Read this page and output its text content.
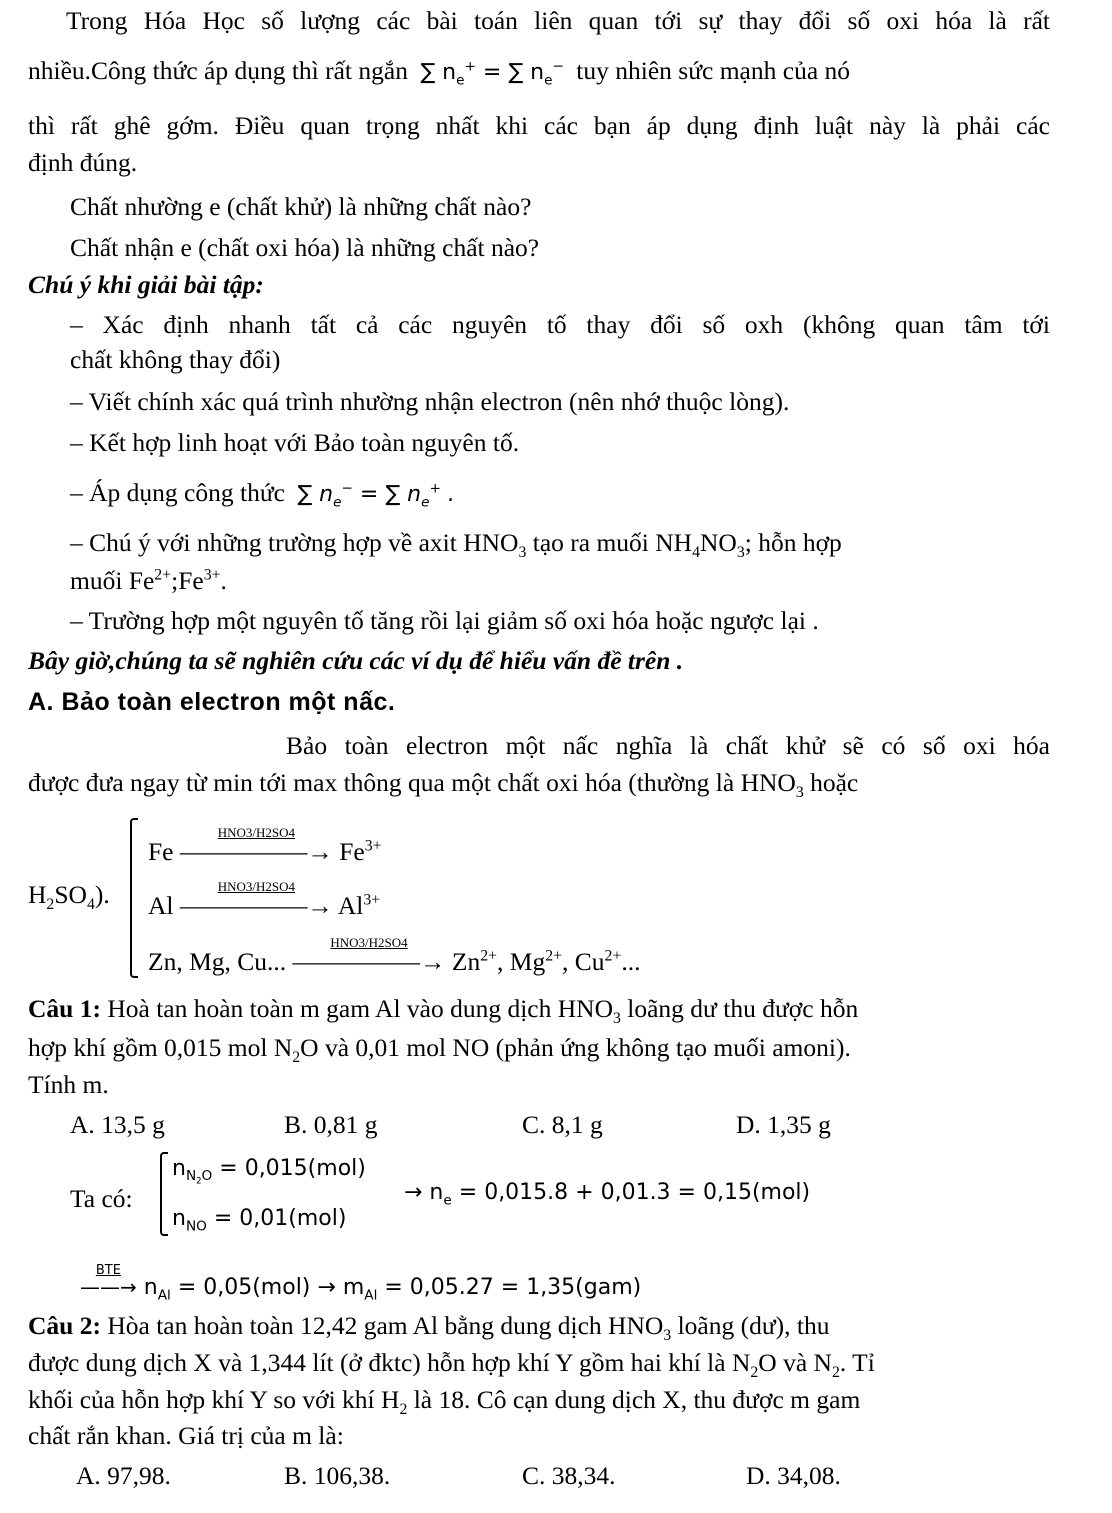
Trong Hóa Học số lượng các bài toán liên quan tới sự thay đổi số oxi hóa là rất
nhiều.Công thức áp dụng thì rất ngắn ∑ $n_e^+$ = ∑ $n_e^-$ tuy nhiên sức mạnh của nó
thì rất ghê gớm. Điều quan trọng nhất khi các bạn áp dụng định luật này là phải các
định đúng.
Chất nhường e (chất khử) là những chất nào?
Chất nhận e (chất oxi hóa) là những chất nào?
Chú ý khi giải bài tập:
– Xác định nhanh tất cả các nguyên tố thay đổi số oxh (không quan tâm tới
chất không thay đổi)
– Viết chính xác quá trình nhường nhận electron (nên nhớ thuộc lòng).
– Kết hợp linh hoạt với Bảo toàn nguyên tố.
– Áp dụng công thức ∑ $n_e^-$ = ∑ $n_e^+$ .
– Chú ý với những trường hợp về axit $HNO_3$ tạo ra muối $NH_4NO_3$; hỗn hợp
muối $Fe^{2+};Fe^{3+}$.
– Trường hợp một nguyên tố tăng rồi lại giảm số oxi hóa hoặc ngược lại .
Bây giờ,chúng ta sẽ nghiên cứu các ví dụ để hiểu vấn đề trên .
A. Bảo toàn electron một nấc.
Bảo toàn electron một nấc nghĩa là chất khử sẽ có số oxi hóa
được đưa ngay từ min tới max thông qua một chất oxi hóa (thường là $HNO_3$ hoặc
$H_2SO_4$).
Fe
HNO3/H2SO4
—————→ $Fe^{3+}$
Al
HNO3/H2SO4
—————→ $Al^{3+}$
Zn, Mg, Cu...
HNO3/H2SO4
—————→ $Zn^{2+}$, $Mg^{2+}$, $Cu^{2+}$...
Câu 1: Hoà tan hoàn toàn m gam Al vào dung dịch $HNO_3$ loãng dư thu được hỗn
hợp khí gồm 0,015 mol $N_2O$ và 0,01 mol NO (phản ứng không tạo muối amoni).
Tính m.
A. 13,5 g	B. 0,81 g	C. 8,1 g	D. 1,35 g
Ta có:
$n_{N_2O} = 0,015(mol)$
$n_{NO} = 0,01(mol)$
→ $n_e = 0,015.8 + 0,01.3 = 0,15(mol)$
BTE
——→ $n_{Al} = 0,05(mol) \to m_{Al} = 0,05.27 = 1,35(gam)$
Câu 2: Hòa tan hoàn toàn 12,42 gam Al bằng dung dịch $HNO_3$ loãng (dư), thu
được dung dịch X và 1,344 lít (ở đktc) hỗn hợp khí Y gồm hai khí là $N_2O$ và $N_2$. Tỉ
khối của hỗn hợp khí Y so với khí $H_2$ là 18. Cô cạn dung dịch X, thu được m gam
chất rắn khan. Giá trị của m là:
A. 97,98.	B. 106,38.	C. 38,34.	D. 34,08.
